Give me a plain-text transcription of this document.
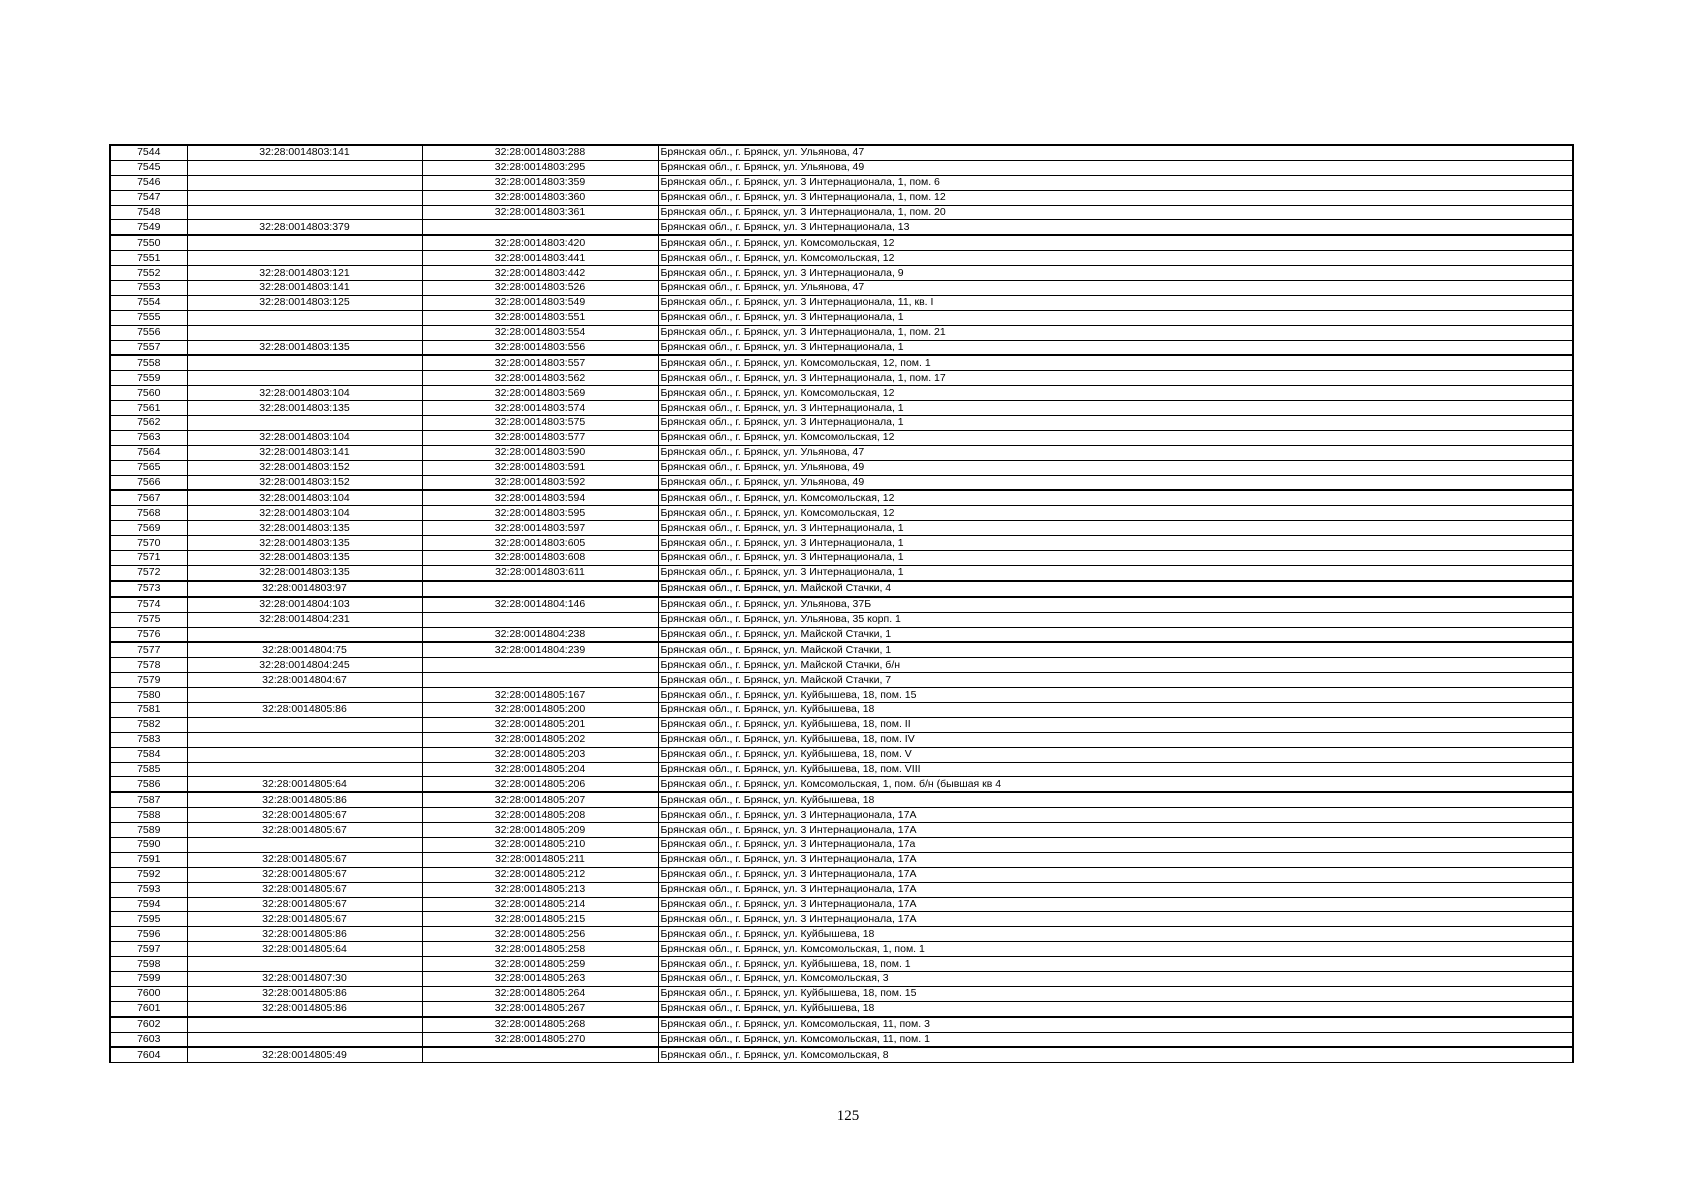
7544	32:28:0014803:141	32:28:0014803:288	Брянская обл., г. Брянск, ул. Ульянова, 47
7545		32:28:0014803:295	Брянская обл., г. Брянск, ул. Ульянова, 49
7546		32:28:0014803:359	Брянская обл., г. Брянск, ул. 3 Интернационала, 1, пом. 6
7547		32:28:0014803:360	Брянская обл., г. Брянск, ул. 3 Интернационала, 1, пом. 12
7548		32:28:0014803:361	Брянская обл., г. Брянск, ул. 3 Интернационала, 1, пом. 20
7549	32:28:0014803:379		Брянская обл., г. Брянск, ул. 3 Интернационала, 13
7550		32:28:0014803:420	Брянская обл., г. Брянск, ул. Комсомольская, 12
7551		32:28:0014803:441	Брянская обл., г. Брянск, ул. Комсомольская, 12
7552	32:28:0014803:121	32:28:0014803:442	Брянская обл., г. Брянск, ул. 3 Интернационала, 9
7553	32:28:0014803:141	32:28:0014803:526	Брянская обл., г. Брянск, ул. Ульянова, 47
7554	32:28:0014803:125	32:28:0014803:549	Брянская обл., г. Брянск, ул. 3 Интернационала, 11, кв. I
7555		32:28:0014803:551	Брянская обл., г. Брянск, ул. 3 Интернационала, 1
7556		32:28:0014803:554	Брянская обл., г. Брянск, ул. 3 Интернационала, 1, пом. 21
7557	32:28:0014803:135	32:28:0014803:556	Брянская обл., г. Брянск, ул. 3 Интернационала, 1
7558		32:28:0014803:557	Брянская обл., г. Брянск, ул. Комсомольская, 12, пом. 1
7559		32:28:0014803:562	Брянская обл., г. Брянск, ул. 3 Интернационала, 1, пом. 17
7560	32:28:0014803:104	32:28:0014803:569	Брянская обл., г. Брянск, ул. Комсомольская, 12
7561	32:28:0014803:135	32:28:0014803:574	Брянская обл., г. Брянск, ул. 3 Интернационала, 1
7562		32:28:0014803:575	Брянская обл., г. Брянск, ул. 3 Интернационала, 1
7563	32:28:0014803:104	32:28:0014803:577	Брянская обл., г. Брянск, ул. Комсомольская, 12
7564	32:28:0014803:141	32:28:0014803:590	Брянская обл., г. Брянск, ул. Ульянова, 47
7565	32:28:0014803:152	32:28:0014803:591	Брянская обл., г. Брянск, ул. Ульянова, 49
7566	32:28:0014803:152	32:28:0014803:592	Брянская обл., г. Брянск, ул. Ульянова, 49
7567	32:28:0014803:104	32:28:0014803:594	Брянская обл., г. Брянск, ул. Комсомольская, 12
7568	32:28:0014803:104	32:28:0014803:595	Брянская обл., г. Брянск, ул. Комсомольская, 12
7569	32:28:0014803:135	32:28:0014803:597	Брянская обл., г. Брянск, ул. 3 Интернационала, 1
7570	32:28:0014803:135	32:28:0014803:605	Брянская обл., г. Брянск, ул. 3 Интернационала, 1
7571	32:28:0014803:135	32:28:0014803:608	Брянская обл., г. Брянск, ул. 3 Интернационала, 1
7572	32:28:0014803:135	32:28:0014803:611	Брянская обл., г. Брянск, ул. 3 Интернационала, 1
7573	32:28:0014803:97		Брянская обл., г. Брянск, ул. Майской Стачки, 4
7574	32:28:0014804:103	32:28:0014804:146	Брянская обл., г. Брянск, ул. Ульянова, 37Б
7575	32:28:0014804:231		Брянская обл., г. Брянск, ул. Ульянова, 35 корп. 1
7576		32:28:0014804:238	Брянская обл., г. Брянск, ул. Майской Стачки, 1
7577	32:28:0014804:75	32:28:0014804:239	Брянская обл., г. Брянск, ул. Майской Стачки, 1
7578	32:28:0014804:245		Брянская обл., г. Брянск, ул. Майской Стачки, б/н
7579	32:28:0014804:67		Брянская обл., г. Брянск, ул. Майской Стачки, 7
7580		32:28:0014805:167	Брянская обл., г. Брянск, ул. Куйбышева, 18, пом. 15
7581	32:28:0014805:86	32:28:0014805:200	Брянская обл., г. Брянск, ул. Куйбышева, 18
7582		32:28:0014805:201	Брянская обл., г. Брянск, ул. Куйбышева, 18, пом. II
7583		32:28:0014805:202	Брянская обл., г. Брянск, ул. Куйбышева, 18, пом. IV
7584		32:28:0014805:203	Брянская обл., г. Брянск, ул. Куйбышева, 18, пом. V
7585		32:28:0014805:204	Брянская обл., г. Брянск, ул. Куйбышева, 18, пом. VIII
7586	32:28:0014805:64	32:28:0014805:206	Брянская обл., г. Брянск, ул. Комсомольская, 1, пом. б/н (бывшая кв 4
7587	32:28:0014805:86	32:28:0014805:207	Брянская обл., г. Брянск, ул. Куйбышева, 18
7588	32:28:0014805:67	32:28:0014805:208	Брянская обл., г. Брянск, ул. 3 Интернационала, 17А
7589	32:28:0014805:67	32:28:0014805:209	Брянская обл., г. Брянск, ул. 3 Интернационала, 17А
7590		32:28:0014805:210	Брянская обл., г. Брянск, ул. 3 Интернационала, 17а
7591	32:28:0014805:67	32:28:0014805:211	Брянская обл., г. Брянск, ул. 3 Интернационала, 17А
7592	32:28:0014805:67	32:28:0014805:212	Брянская обл., г. Брянск, ул. 3 Интернационала, 17А
7593	32:28:0014805:67	32:28:0014805:213	Брянская обл., г. Брянск, ул. 3 Интернационала, 17А
7594	32:28:0014805:67	32:28:0014805:214	Брянская обл., г. Брянск, ул. 3 Интернационала, 17А
7595	32:28:0014805:67	32:28:0014805:215	Брянская обл., г. Брянск, ул. 3 Интернационала, 17А
7596	32:28:0014805:86	32:28:0014805:256	Брянская обл., г. Брянск, ул. Куйбышева, 18
7597	32:28:0014805:64	32:28:0014805:258	Брянская обл., г. Брянск, ул. Комсомольская, 1, пом. 1
7598		32:28:0014805:259	Брянская обл., г. Брянск, ул. Куйбышева, 18, пом. 1
7599	32:28:0014807:30	32:28:0014805:263	Брянская обл., г. Брянск, ул. Комсомольская, 3
7600	32:28:0014805:86	32:28:0014805:264	Брянская обл., г. Брянск, ул. Куйбышева, 18, пом. 15
7601	32:28:0014805:86	32:28:0014805:267	Брянская обл., г. Брянск, ул. Куйбышева, 18
7602		32:28:0014805:268	Брянская обл., г. Брянск, ул. Комсомольская, 11, пом. 3
7603		32:28:0014805:270	Брянская обл., г. Брянск, ул. Комсомольская, 11, пом. 1
7604	32:28:0014805:49		Брянская обл., г. Брянск, ул. Комсомольская, 8
125
